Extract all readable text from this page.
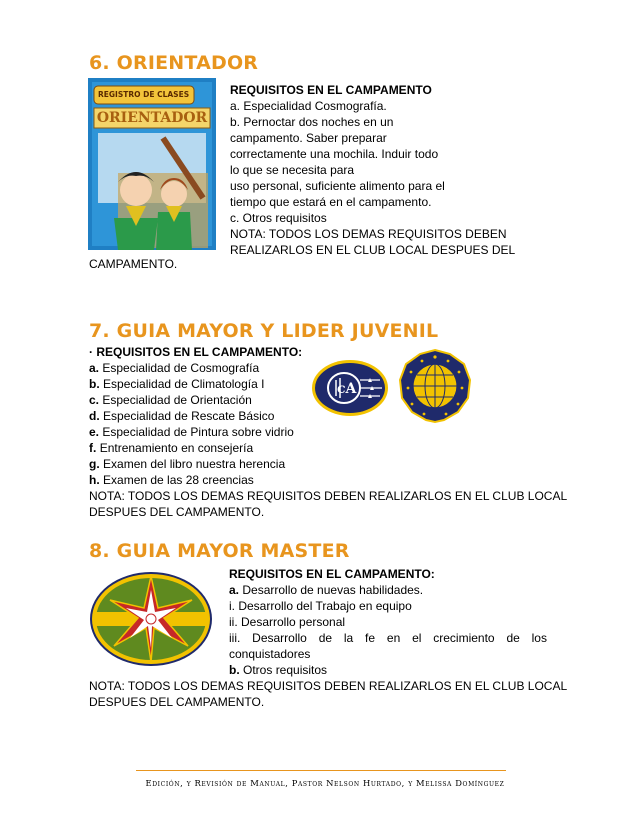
6. ORIENTADOR
REGISTRO DE CLASES
ORIENTADOR
REQUISITOS EN EL CAMPAMENTO
a. Especialidad Cosmografía.
b. Pernoctar dos noches en un
campamento. Saber preparar
correctamente una mochila. Induir todo
lo que se necesita para
uso personal, suficiente alimento para el
tiempo que estará en el campamento.
c. Otros requisitos
NOTA: TODOS LOS DEMAS REQUISITOS DEBEN
REALIZARLOS EN EL CLUB LOCAL DESPUES DEL
CAMPAMENTO.
7. GUIA MAYOR Y LIDER JUVENIL
· REQUISITOS EN EL CAMPAMENTO:
a. Especialidad de Cosmografía
b. Especialidad de Climatología I
c. Especialidad de Orientación
d. Especialidad de Rescate Básico
e. Especialidad de Pintura sobre vidrio
f. Entrenamiento en consejería
g. Examen del libro nuestra herencia
h. Examen de las 28 creencias
NOTA: TODOS LOS DEMAS REQUISITOS DEBEN REALIZARLOS EN EL CLUB LOCAL
DESPUES DEL CAMPAMENTO.
cA
8. GUIA MAYOR MASTER
REQUISITOS EN EL CAMPAMENTO:
a. Desarrollo de nuevas habilidades.
i. Desarrollo del Trabajo en equipo
ii. Desarrollo personal
iii. Desarrollo de la fe en el crecimiento de los
conquistadores
b. Otros requisitos
NOTA: TODOS LOS DEMAS REQUISITOS DEBEN REALIZARLOS EN EL CLUB LOCAL
DESPUES DEL CAMPAMENTO.
Edición, y Revisión de Manual, Pastor Nelson Hurtado, y Melissa Domínguez
